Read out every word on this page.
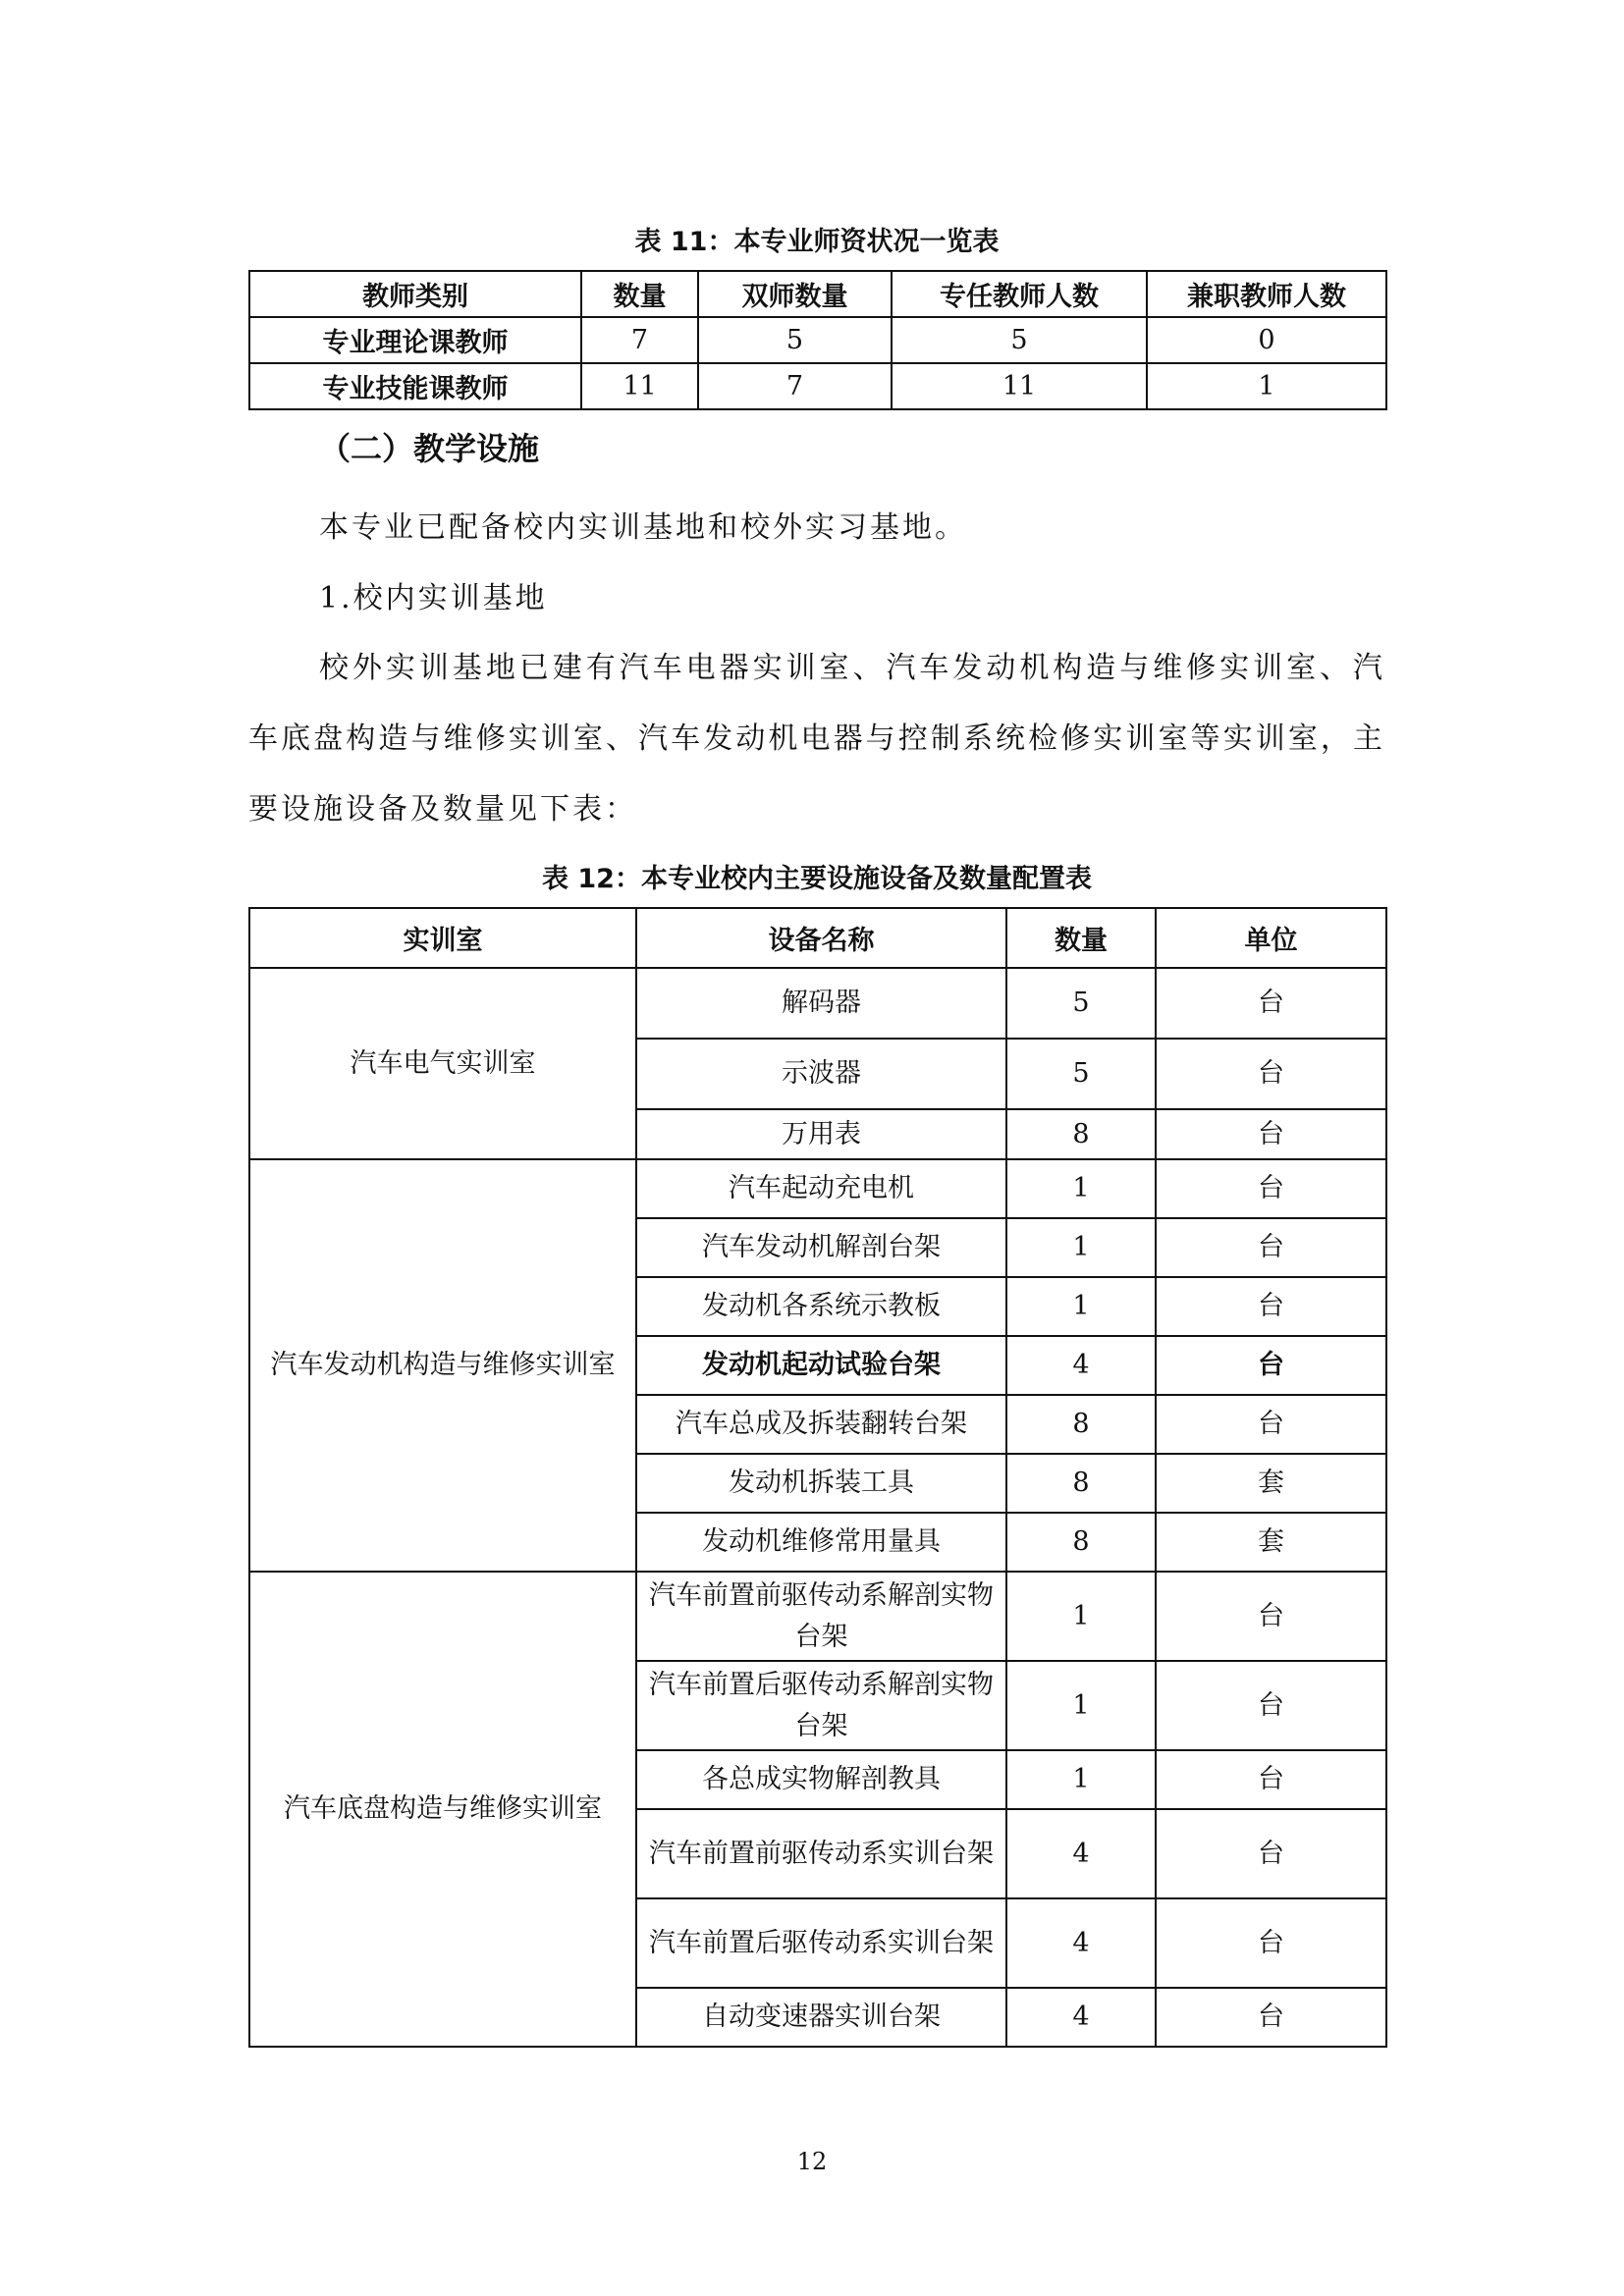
表 11：本专业师资状况一览表
教师类别	数量	双师数量	专任教师人数	兼职教师人数
专业理论课教师	7	5	5	0
专业技能课教师	11	7	11	1
（二）教学设施
本专业已配备校内实训基地和校外实习基地。
1.校内实训基地
校外实训基地已建有汽车电器实训室、汽车发动机构造与维修实训室、汽车底盘构造与维修实训室、汽车发动机电器与控制系统检修实训室等实训室，主要设施设备及数量见下表：
表 12：本专业校内主要设施设备及数量配置表
实训室	设备名称	数量	单位
汽车电气实训室	解码器	5	台
	示波器	5	台
	万用表	8	台
汽车发动机构造与维修实训室	汽车起动充电机	1	台
	汽车发动机解剖台架	1	台
	发动机各系统示教板	1	台
	发动机起动试验台架	4	台
	汽车总成及拆装翻转台架	8	台
	发动机拆装工具	8	套
	发动机维修常用量具	8	套
汽车底盘构造与维修实训室	汽车前置前驱传动系解剖实物台架	1	台
	汽车前置后驱传动系解剖实物台架	1	台
	各总成实物解剖教具	1	台
	汽车前置前驱传动系实训台架	4	台
	汽车前置后驱传动系实训台架	4	台
	自动变速器实训台架	4	台
12
